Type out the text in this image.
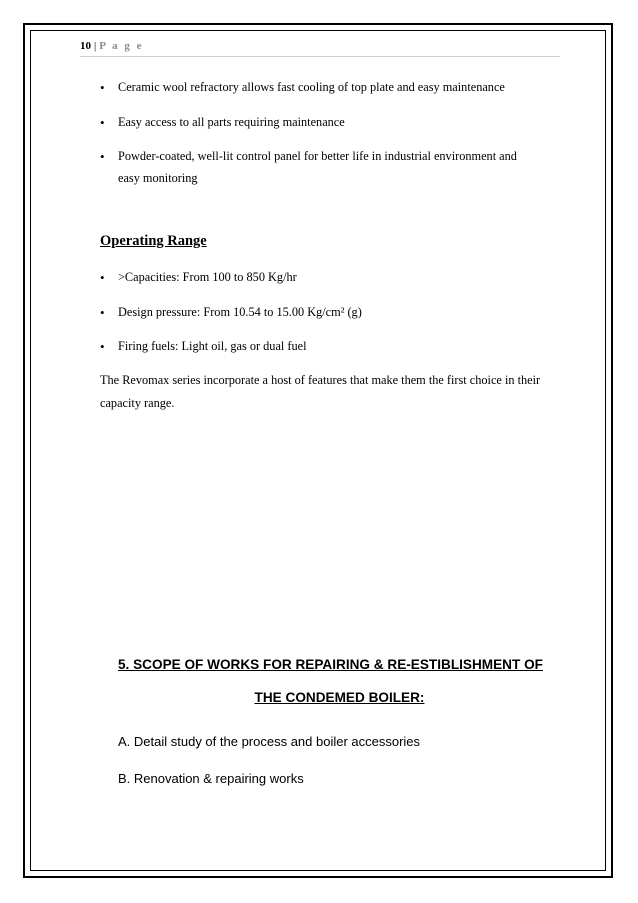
10 | P a g e
• Ceramic wool refractory allows fast cooling of top plate and easy maintenance
• Easy access to all parts requiring maintenance
• Powder-coated, well-lit control panel for better life in industrial environment and
easy monitoring
Operating Range
• >Capacities: From 100 to 850 Kg/hr
• Design pressure: From 10.54 to 15.00 Kg/cm² (g)
• Firing fuels: Light oil, gas or dual fuel
The Revomax series incorporate a host of features that make them the first choice in their
capacity range.
5. SCOPE OF WORKS FOR REPAIRING & RE-ESTIBLISHMENT OF
THE CONDEMED BOILER:
A. Detail study of the process and boiler accessories
B. Renovation & repairing works
